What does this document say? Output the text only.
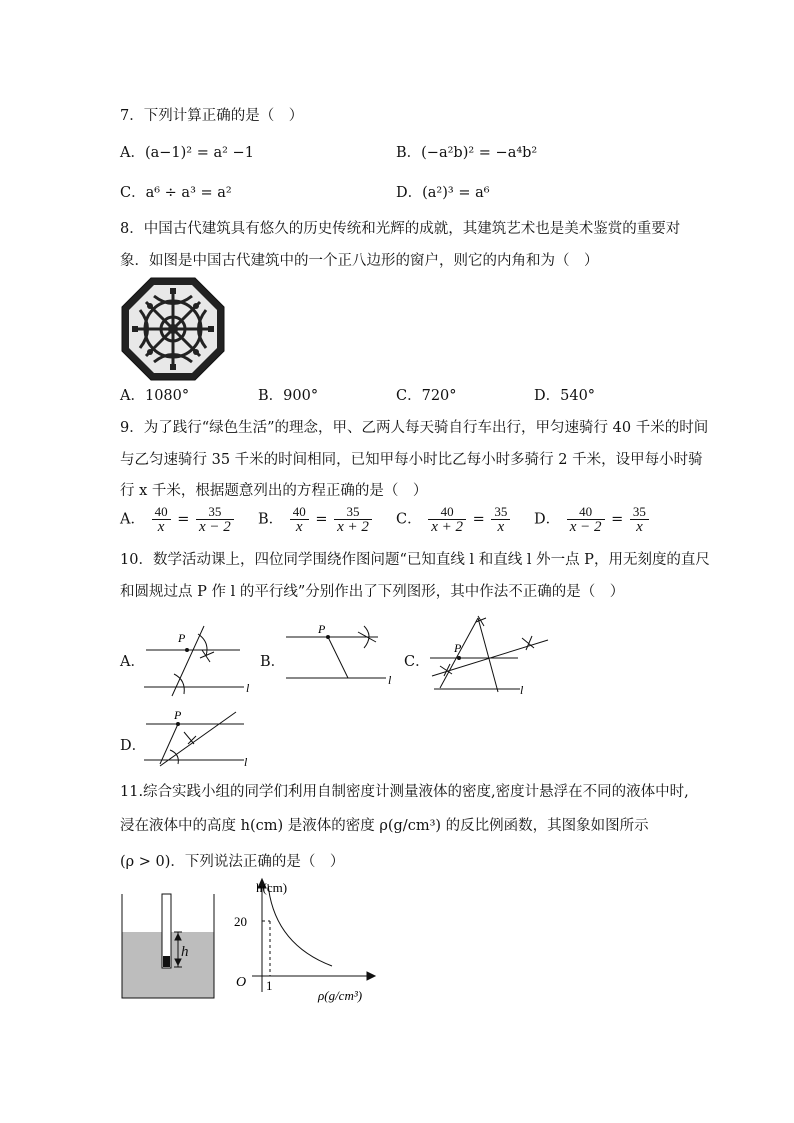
7．下列计算正确的是（　）
A．(a−1)² = a² −1	B．(−a²b)² = −a⁴b²
C．a⁶ ÷ a³ = a²	D．(a²)³ = a⁶
8．中国古代建筑具有悠久的历史传统和光辉的成就，其建筑艺术也是美术鉴赏的重要对
象．如图是中国古代建筑中的一个正八边形的窗户，则它的内角和为（　）
A．1080°	B．900°	C．720°	D．540°
9．为了践行“绿色生活”的理念，甲、乙两人每天骑自行车出行，甲匀速骑行 40 千米的时间
与乙匀速骑行 35 千米的时间相同，已知甲每小时比乙每小时多骑行 2 千米，设甲每小时骑
行 x 千米，根据题意列出的方程正确的是（　）
A． $\frac{40}{x} = \frac{35}{x - 2}$ B． $\frac{40}{x} = \frac{35}{x + 2}$ C． $\frac{40}{x + 2} = \frac{35}{x}$ D． $\frac{40}{x - 2} = \frac{35}{x}$
10．数学活动课上，四位同学围绕作图问题“已知直线 l 和直线 l 外一点 P，用无刻度的直尺
和圆规过点 P 作 l 的平行线”分别作出了下列图形，其中作法不正确的是（　）
A．
P
l
B．
P
l
C．
P
l
D．
P
l
11.综合实践小组的同学们利用自制密度计测量液体的密度,密度计悬浮在不同的液体中时,
浸在液体中的高度 h(cm) 是液体的密度 ρ(g/cm³) 的反比例函数，其图象如图所示
(ρ > 0)．下列说法正确的是（　）
h
h(cm)
ρ(g/cm³)
O 1
20
